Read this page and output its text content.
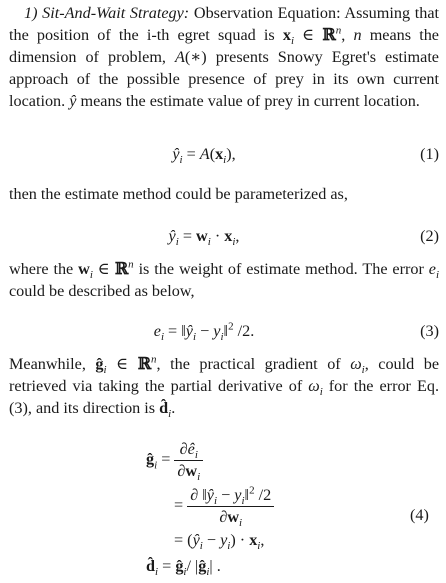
1) Sit-And-Wait Strategy: Observation Equation: Assuming that the position of the i-th egret squad is $x_i$ ∈ ℝ$^n$, n means the dimension of problem, A(∗) presents Snowy Egret's estimate approach of the possible presence of prey in its own current location. ŷ means the estimate value of prey in current location.
$ŷ_i = A(x_i)$,	(1)
then the estimate method could be parameterized as,
$ŷ_i = w_i \cdot x_i$,	(2)
where the $w_i$ ∈ ℝ$^n$ is the weight of estimate method. The error $e_i$ could be described as below,
$e_i$ = $‖ŷ_i$ − $y_i‖^2$ /2.	(3)
Meanwhile, $ĝ_i$ ∈ ℝ$^n$, the practical gradient of $\omega_i$, could be retrieved via taking the partial derivative of $\omega_i$ for the error Eq. (3), and its direction is $d̂_i$.
$ĝ_i = \frac{\partial ê_i}{\partial w_i}$
= $\frac{\partial ‖ŷ_i - y_i‖^2 /2}{\partial w_i}$
= $(ŷ_i - y_i) \cdot x_i$,
$d̂_i$ = $ĝ_i/$ $|ĝ_i|$ .
(4)
